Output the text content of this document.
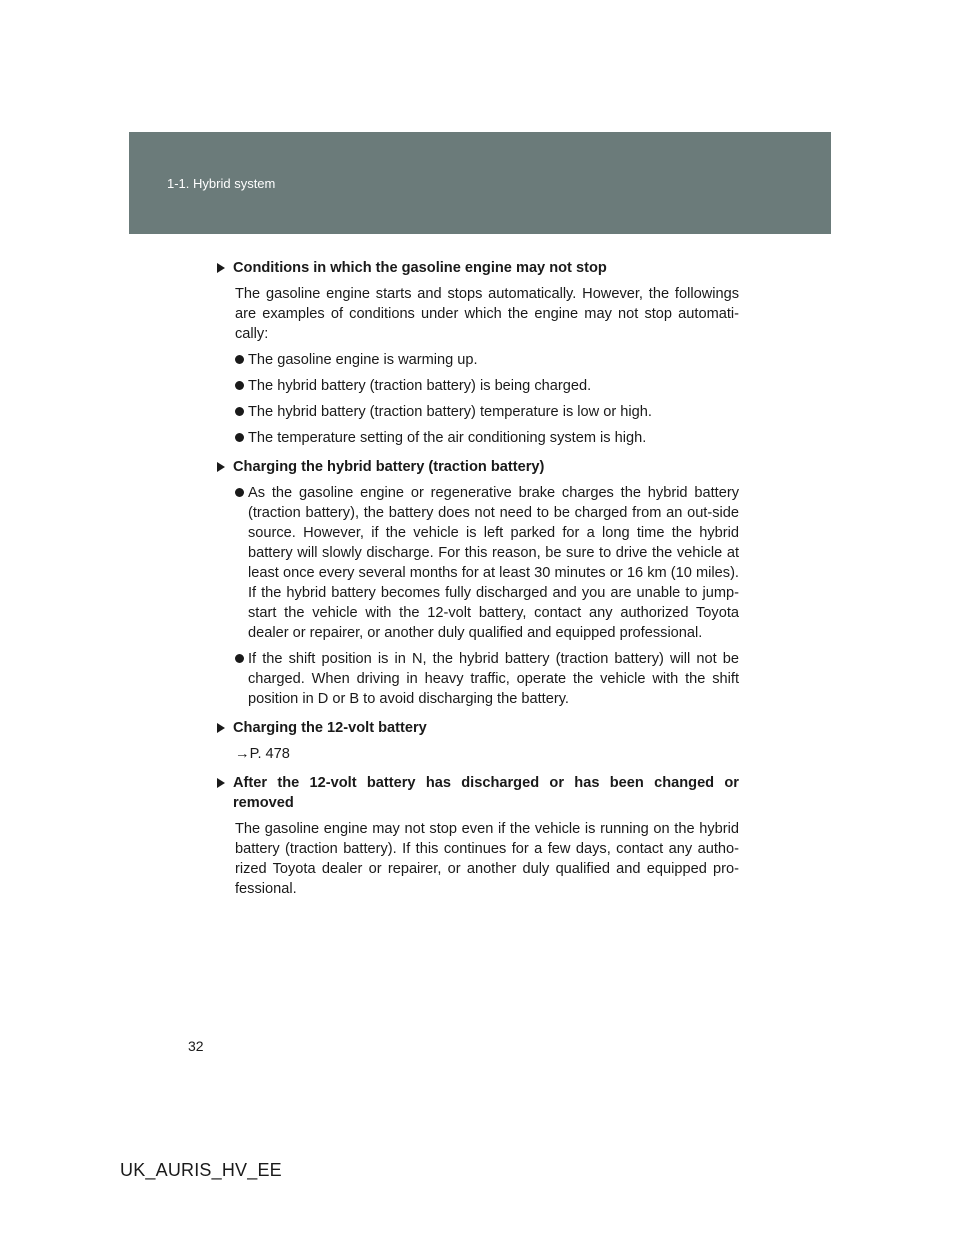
1-1. Hybrid system
Conditions in which the gasoline engine may not stop
The gasoline engine starts and stops automatically. However, the followings are examples of conditions under which the engine may not stop automati-cally:
The gasoline engine is warming up.
The hybrid battery (traction battery) is being charged.
The hybrid battery (traction battery) temperature is low or high.
The temperature setting of the air conditioning system is high.
Charging the hybrid battery (traction battery)
As the gasoline engine or regenerative brake charges the hybrid battery (traction battery), the battery does not need to be charged from an out-side source. However, if the vehicle is left parked for a long time the hybrid battery will slowly discharge. For this reason, be sure to drive the vehicle at least once every several months for at least 30 minutes or 16 km (10 miles). If the hybrid battery becomes fully discharged and you are unable to jump-start the vehicle with the 12-volt battery, contact any authorized Toyota dealer or repairer, or another duly qualified and equipped professional.
If the shift position is in N, the hybrid battery (traction battery) will not be charged. When driving in heavy traffic, operate the vehicle with the shift position in D or B to avoid discharging the battery.
Charging the 12-volt battery
→P. 478
After the 12-volt battery has discharged or has been changed or removed
The gasoline engine may not stop even if the vehicle is running on the hybrid battery (traction battery). If this continues for a few days, contact any autho-rized Toyota dealer or repairer, or another duly qualified and equipped pro-fessional.
32
UK_AURIS_HV_EE
